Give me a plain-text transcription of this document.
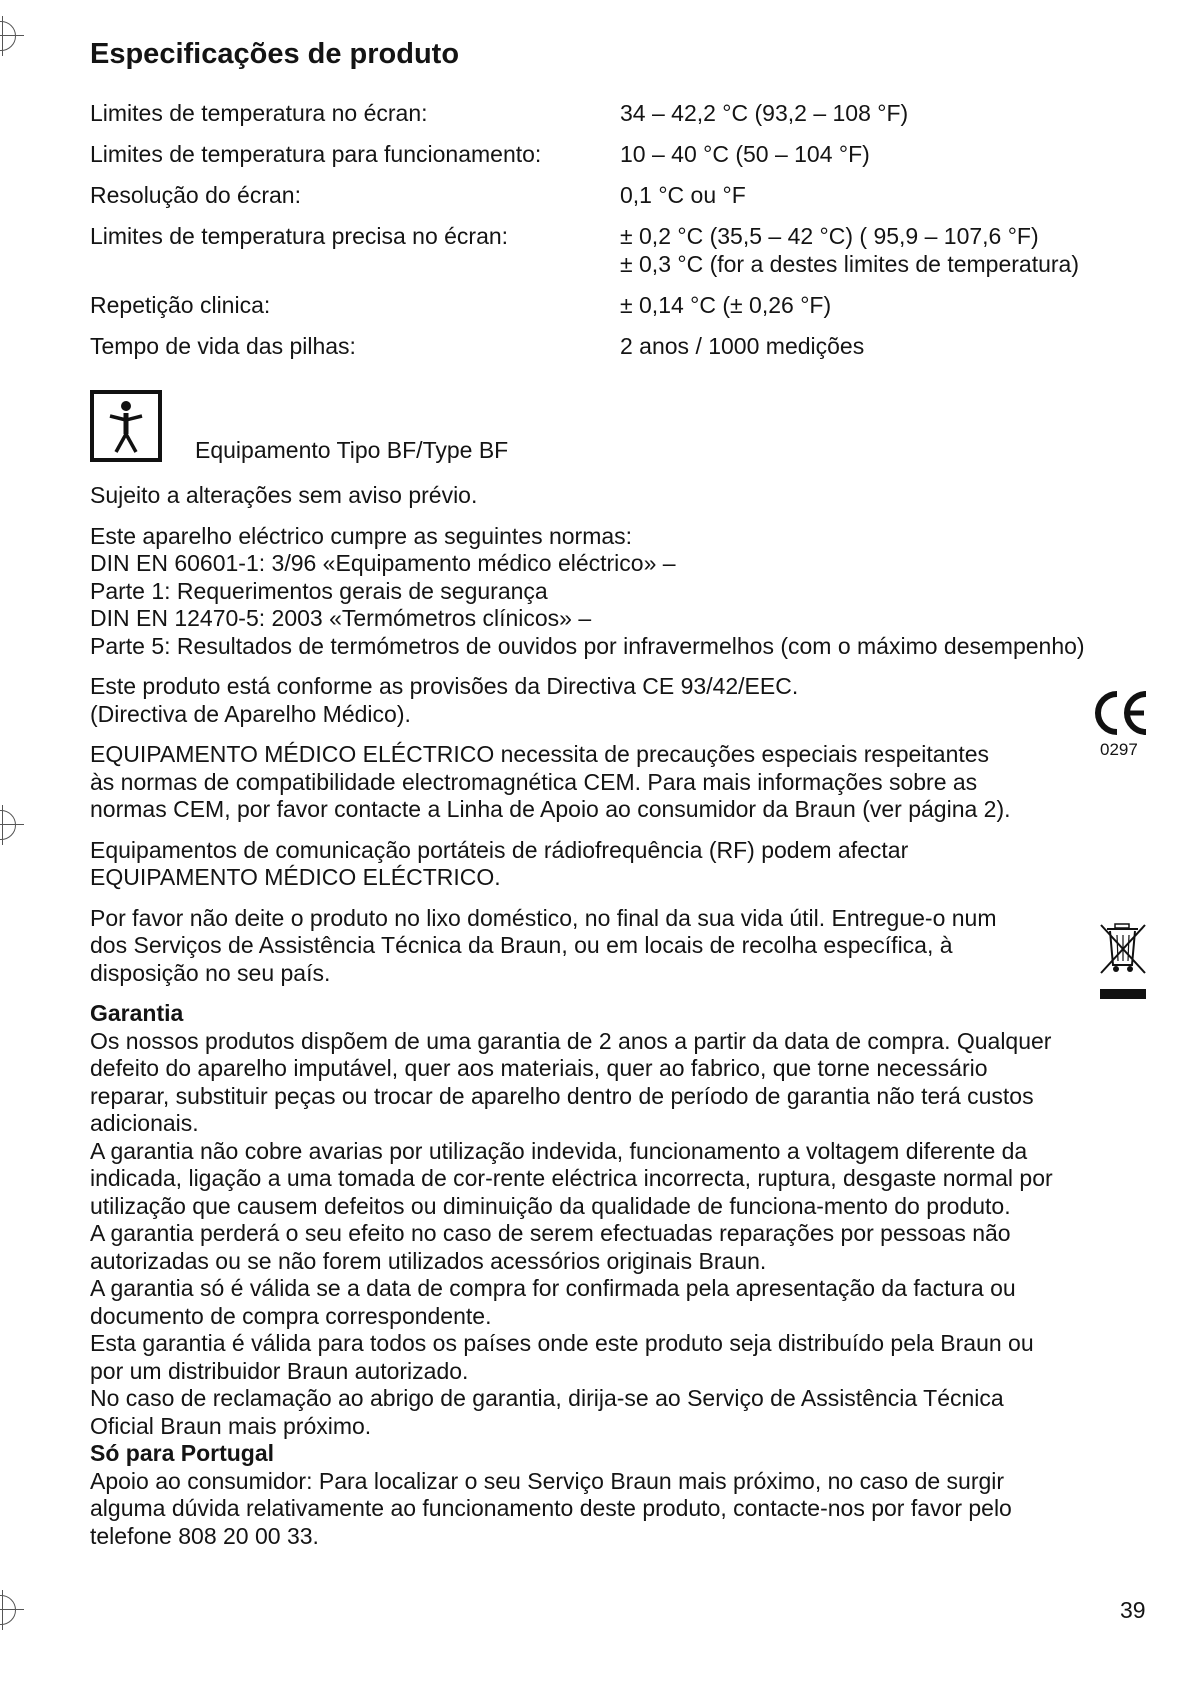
Especificações de produto
Limites de temperatura no écran:	34 – 42,2 °C (93,2 – 108 °F)
Limites de temperatura para funcionamento:	10 – 40 °C (50 – 104 °F)
Resolução do écran:	0,1 °C ou °F
Limites de temperatura precisa no écran:	± 0,2 °C (35,5 – 42 °C) ( 95,9 – 107,6 °F)
± 0,3 °C (for a destes limites de temperatura)
Repetição clinica:	± 0,14 °C (± 0,26 °F)
Tempo de vida das pilhas:	2 anos / 1000 medições
Equipamento Tipo BF/Type BF
Sujeito a alterações sem aviso prévio.
Este aparelho eléctrico cumpre as seguintes normas:
DIN EN 60601-1: 3/96 «Equipamento médico eléctrico» –
Parte 1: Requerimentos gerais de segurança
DIN EN 12470-5: 2003 «Termómetros clínicos» –
Parte 5: Resultados de termómetros de ouvidos por infravermelhos (com o máximo desempenho)
Este produto está conforme as provisões da Directiva CE 93/42/EEC.
(Directiva de Aparelho Médico).
EQUIPAMENTO MÉDICO ELÉCTRICO necessita de precauções especiais respeitantes
às normas de compatibilidade electromagnética CEM. Para mais informações sobre as
normas CEM, por favor contacte a Linha de Apoio ao consumidor da Braun (ver página 2).
Equipamentos de comunicação portáteis de rádiofrequência (RF) podem afectar
EQUIPAMENTO MÉDICO ELÉCTRICO.
Por favor não deite o produto no lixo doméstico, no final da sua vida útil. Entregue-o num
dos Serviços de Assistência Técnica da Braun, ou em locais de recolha específica, à
disposição no seu país.
Garantia
Os nossos produtos dispõem de uma garantia de 2 anos a partir da data de compra. Qualquer
defeito do aparelho imputável, quer aos materiais, quer ao fabrico, que torne necessário
reparar, substituir peças ou trocar de aparelho dentro de período de garantia não terá custos
adicionais.
A garantia não cobre avarias por utilização indevida, funcionamento a voltagem diferente da
indicada, ligação a uma tomada de cor-rente eléctrica incorrecta, ruptura, desgaste normal por
utilização que causem defeitos ou diminuição da qualidade de funciona-mento do produto.
A garantia perderá o seu efeito no caso de serem efectuadas reparações por pessoas não
autorizadas ou se não forem utilizados acessórios originais Braun.
A garantia só é válida se a data de compra for confirmada pela apresentação da factura ou
documento de compra correspondente.
Esta garantia é válida para todos os países onde este produto seja distribuído pela Braun ou
por um distribuidor Braun autorizado.
No caso de reclamação ao abrigo de garantia, dirija-se ao Serviço de Assistência Técnica
Oficial Braun mais próximo.
Só para Portugal
Apoio ao consumidor: Para localizar o seu Serviço Braun mais próximo, no caso de surgir
alguma dúvida relativamente ao funcionamento deste produto, contacte-nos por favor pelo
telefone 808 20 00 33.
0297
39
